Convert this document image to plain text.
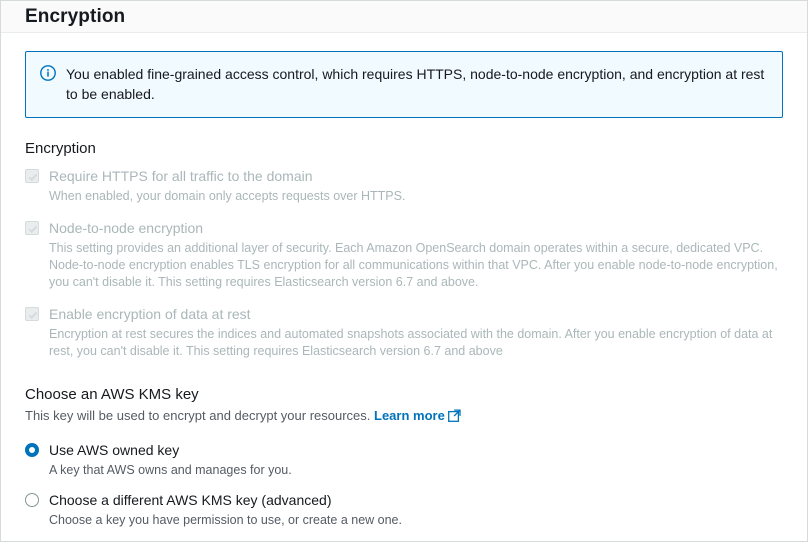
Encryption
You enabled fine-grained access control, which requires HTTPS, node-to-node encryption, and encryption at rest to be enabled.
Encryption
Require HTTPS for all traffic to the domain
When enabled, your domain only accepts requests over HTTPS.
Node-to-node encryption
This setting provides an additional layer of security. Each Amazon OpenSearch domain operates within a secure, dedicated VPC. Node-to-node encryption enables TLS encryption for all communications within that VPC. After you enable node-to-node encryption, you can't disable it. This setting requires Elasticsearch version 6.7 and above.
Enable encryption of data at rest
Encryption at rest secures the indices and automated snapshots associated with the domain. After you enable encryption of data at rest, you can't disable it. This setting requires Elasticsearch version 6.7 and above
Choose an AWS KMS key
This key will be used to encrypt and decrypt your resources. Learn more
Use AWS owned key
A key that AWS owns and manages for you.
Choose a different AWS KMS key (advanced)
Choose a key you have permission to use, or create a new one.
